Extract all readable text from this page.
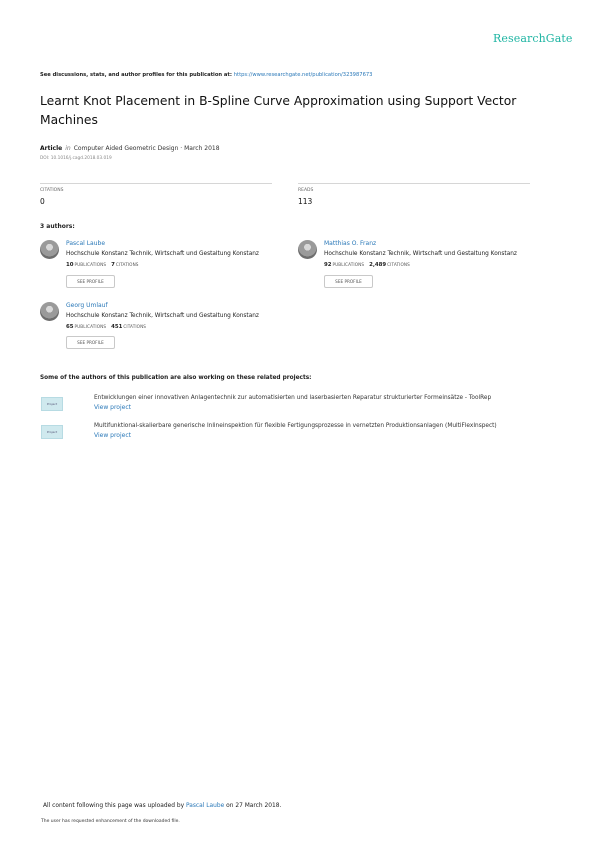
ResearchGate
See discussions, stats, and author profiles for this publication at: https://www.researchgate.net/publication/323987673
Learnt Knot Placement in B-Spline Curve Approximation using Support Vector Machines
Article in Computer Aided Geometric Design · March 2018
DOI: 10.1016/j.cagd.2018.03.019
CITATIONS
0
READS
113
3 authors:
Pascal Laube
Hochschule Konstanz Technik, Wirtschaft und Gestaltung Konstanz
10PUBLICATIONS 7CITATIONS
SEE PROFILE
Matthias O. Franz
Hochschule Konstanz Technik, Wirtschaft und Gestaltung Konstanz
92PUBLICATIONS 2,489CITATIONS
SEE PROFILE
Georg Umlauf
Hochschule Konstanz Technik, Wirtschaft und Gestaltung Konstanz
65PUBLICATIONS 451CITATIONS
SEE PROFILE
Some of the authors of this publication are also working on these related projects:
Project
Entwicklungen einer innovativen Anlagentechnik zur automatisierten und laserbasierten Reparatur strukturierter Formeinsätze - ToolRep
View project
Project
Multifunktional-skalierbare generische Inlineinspektion für flexible Fertigungsprozesse in vernetzten Produktionsanlagen (MultiFlexInspect)
View project
All content following this page was uploaded by Pascal Laube on 27 March 2018.
The user has requested enhancement of the downloaded file.
